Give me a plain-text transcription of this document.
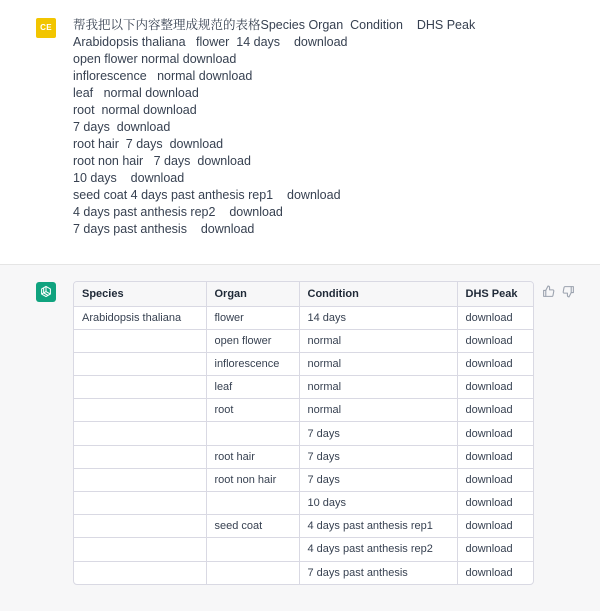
CE	帮我把以下内容整理成规范的表格Species Organ  Condition    DHS Peak
Arabidopsis thaliana   flower  14 days    download
open flower normal download
inflorescence   normal download
leaf   normal download
root  normal download
7 days  download
root hair  7 days  download
root non hair   7 days  download
10 days    download
seed coat 4 days past anthesis rep1    download
4 days past anthesis rep2    download
7 days past anthesis    download
Species	Organ	Condition	DHS Peak
Arabidopsis thaliana	flower	14 days	download
	open flower	normal	download
	inflorescence	normal	download
	leaf	normal	download
	root	normal	download
		7 days	download
	root hair	7 days	download
	root non hair	7 days	download
		10 days	download
	seed coat	4 days past anthesis rep1	download
		4 days past anthesis rep2	download
		7 days past anthesis	download
